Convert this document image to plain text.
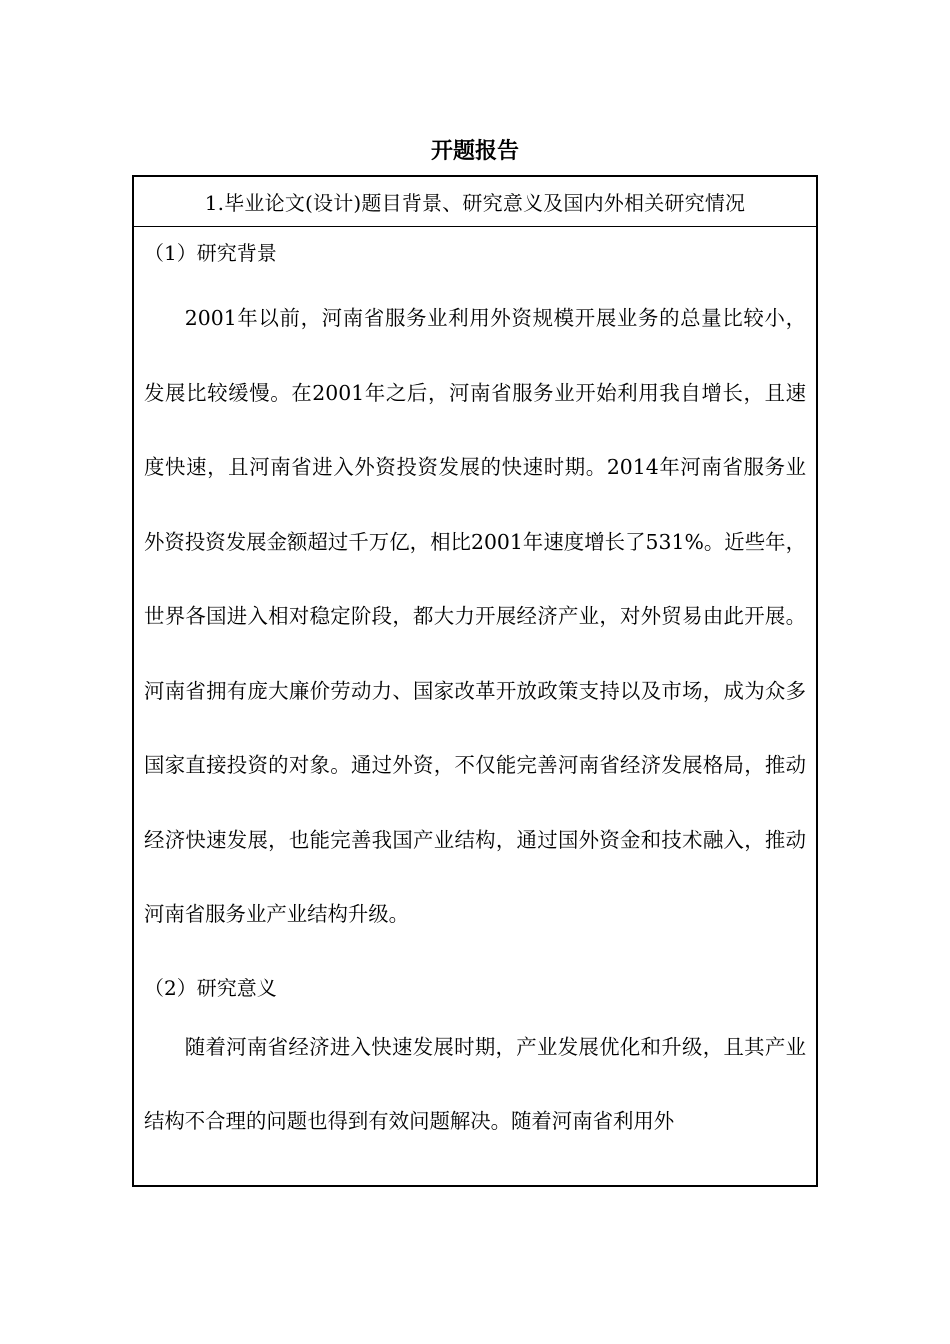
开题报告
1.毕业论文(设计)题目背景、研究意义及国内外相关研究情况
（1）研究背景

2001年以前，河南省服务业利用外资规模开展业务的总量比较小，发展比较缓慢。在2001年之后，河南省服务业开始利用我自增长，且速度快速，且河南省进入外资投资发展的快速时期。2014年河南省服务业外资投资发展金额超过千万亿，相比2001年速度增长了531%。近些年，世界各国进入相对稳定阶段，都大力开展经济产业，对外贸易由此开展。河南省拥有庞大廉价劳动力、国家改革开放政策支持以及市场，成为众多国家直接投资的对象。通过外资，不仅能完善河南省经济发展格局，推动经济快速发展，也能完善我国产业结构，通过国外资金和技术融入，推动河南省服务业产业结构升级。

（2）研究意义

随着河南省经济进入快速发展时期，产业发展优化和升级，且其产业结构不合理的问题也得到有效问题解决。随着河南省利用外
